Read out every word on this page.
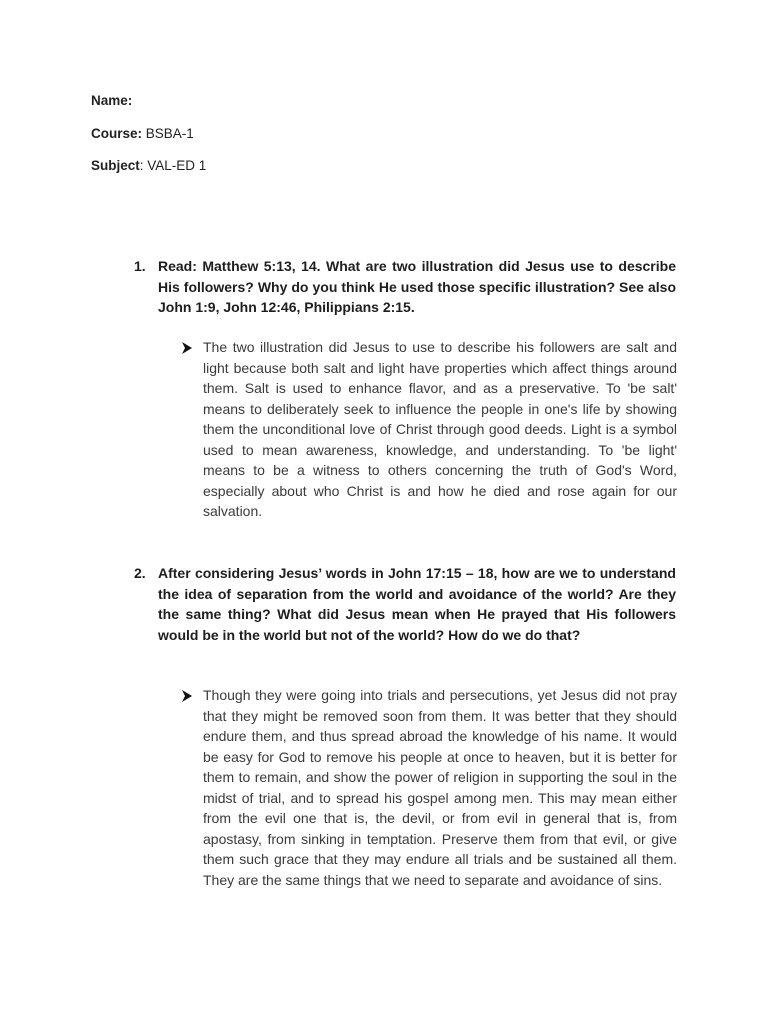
Name:
Course: BSBA-1
Subject: VAL-ED 1
1. Read: Matthew 5:13, 14. What are two illustration did Jesus use to describe His followers? Why do you think He used those specific illustration? See also John 1:9, John 12:46, Philippians 2:15.
The two illustration did Jesus to use to describe his followers are salt and light because both salt and light have properties which affect things around them. Salt is used to enhance flavor, and as a preservative. To 'be salt' means to deliberately seek to influence the people in one's life by showing them the unconditional love of Christ through good deeds. Light is a symbol used to mean awareness, knowledge, and understanding. To 'be light' means to be a witness to others concerning the truth of God's Word, especially about who Christ is and how he died and rose again for our salvation.
2. After considering Jesus’ words in John 17:15 – 18, how are we to understand the idea of separation from the world and avoidance of the world? Are they the same thing? What did Jesus mean when He prayed that His followers would be in the world but not of the world? How do we do that?
Though they were going into trials and persecutions, yet Jesus did not pray that they might be removed soon from them. It was better that they should endure them, and thus spread abroad the knowledge of his name. It would be easy for God to remove his people at once to heaven, but it is better for them to remain, and show the power of religion in supporting the soul in the midst of trial, and to spread his gospel among men. This may mean either from the evil one that is, the devil, or from evil in general that is, from apostasy, from sinking in temptation. Preserve them from that evil, or give them such grace that they may endure all trials and be sustained all them. They are the same things that we need to separate and avoidance of sins.
